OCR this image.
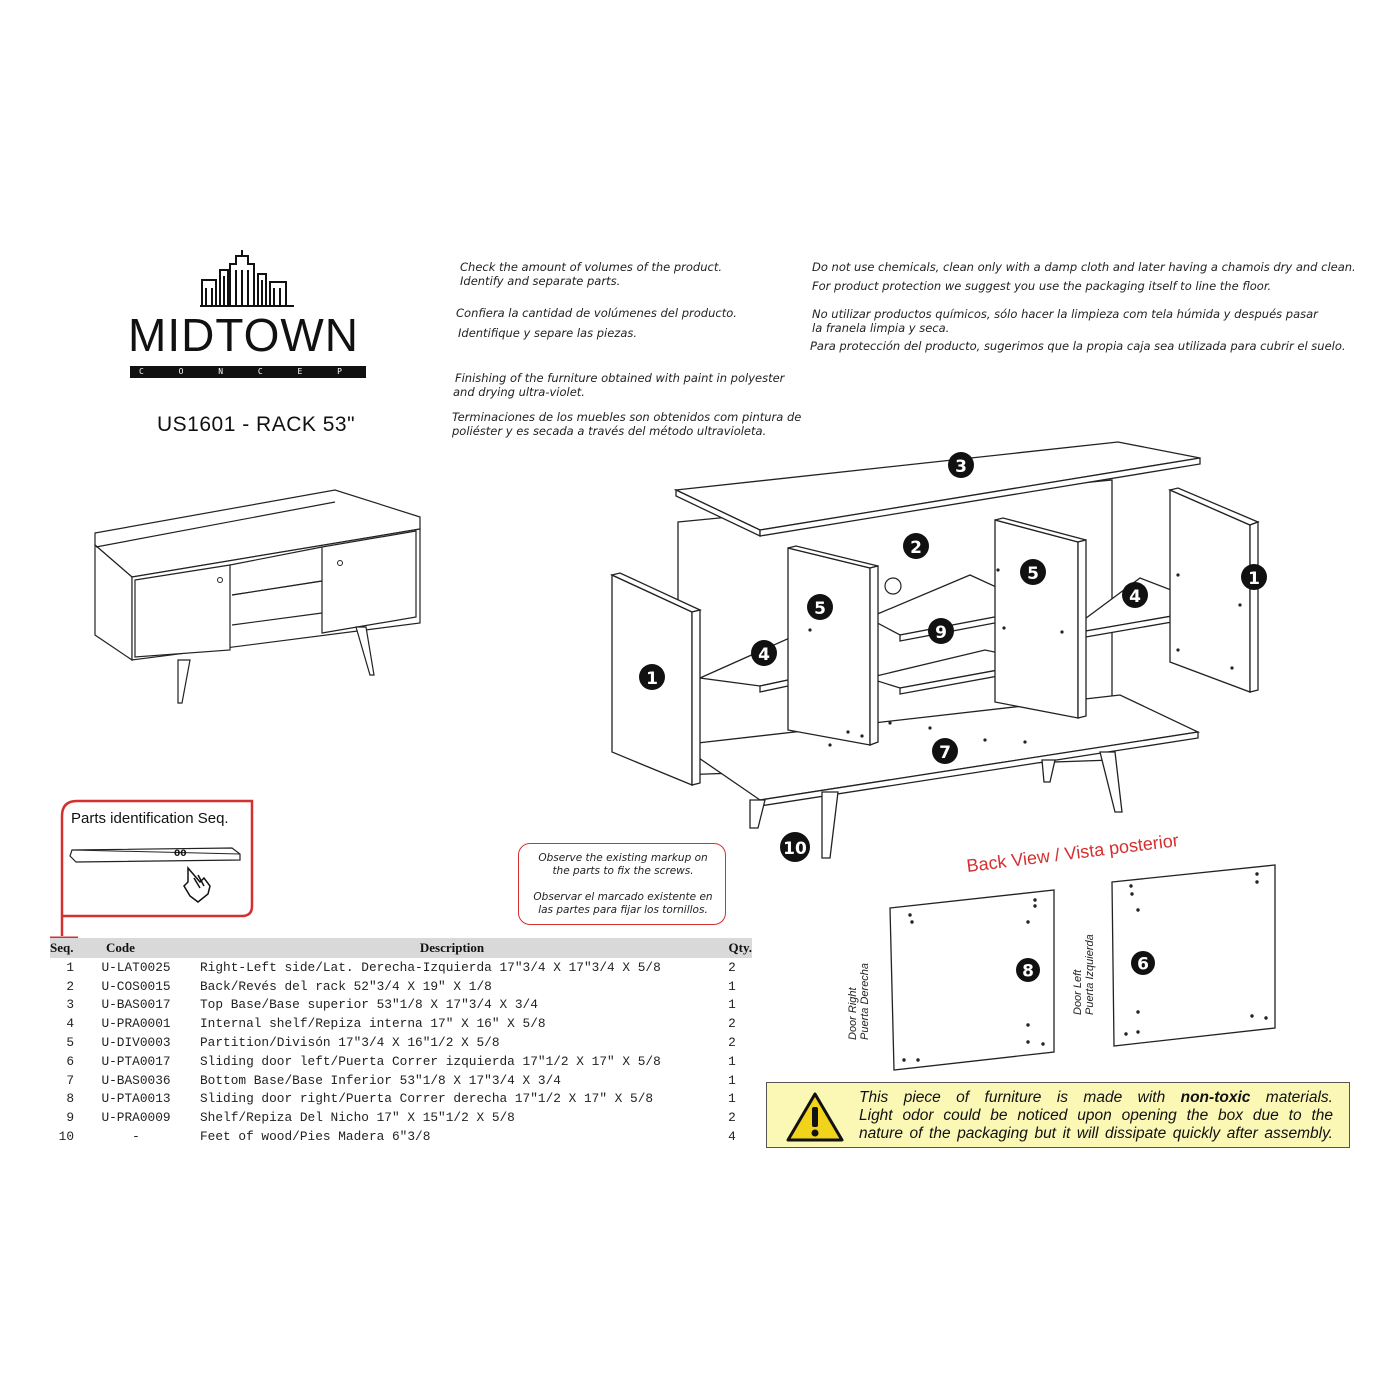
MIDTOWN
C O N C E P T
US1601 - RACK 53"
Check the amount of volumes of the product.
Identify and separate parts.
Confiera la cantidad de volúmenes del producto.
Identifique y separe las piezas.
Finishing of the furniture obtained with paint in polyester
and drying ultra-violet.
Terminaciones de los muebles son obtenidos com pintura de
poliéster y es secada a través del método ultravioleta.
Do not use chemicals, clean only with a damp cloth and later having a chamois dry and clean.
For product protection we suggest you use the packaging itself to line the floor.
No utilizar productos químicos, sólo hacer la limpieza com tela húmida y después pasar
la franela limpia y seca.
Para protección del producto, sugerimos que la propia caja sea utilizada para cubrir el suelo.
1
1
2
3
4
4
5
5
7
9
10
Parts identification Seq.
00	Observe the existing markup on the parts to fix the screws.
Observar el marcado existente en las partes para fijar los tornillos.
Back View / Vista posterior
8	6
Door Right Puerta Derecha	Door Left Puerta Izquierda
Seq.	Code	Description	Qty.
1	U-LAT0025	Right-Left side/Lat. Derecha-Izquierda 17"3/4 X 17"3/4 X 5/8	2
2	U-COS0015	Back/Revés del rack 52"3/4 X 19" X 1/8	1
3	U-BAS0017	Top Base/Base superior 53"1/8 X 17"3/4 X 3/4	1
4	U-PRA0001	Internal shelf/Repiza interna 17" X 16" X 5/8	2
5	U-DIV0003	Partition/Divisón 17"3/4 X 16"1/2 X 5/8	2
6	U-PTA0017	Sliding door left/Puerta Correr izquierda 17"1/2 X 17" X 5/8	1
7	U-BAS0036	Bottom Base/Base Inferior 53"1/8 X 17"3/4 X 3/4	1
8	U-PTA0013	Sliding door right/Puerta Correr derecha 17"1/2 X 17" X 5/8	1
9	U-PRA0009	Shelf/Repiza Del Nicho 17" X 15"1/2 X 5/8	2
10	-	Feet of wood/Pies Madera 6"3/8	4
This piece of furniture is made with non-toxic materials.
Light odor could be noticed upon opening the box due to the
nature of the packaging but it will dissipate quickly after assembly.
